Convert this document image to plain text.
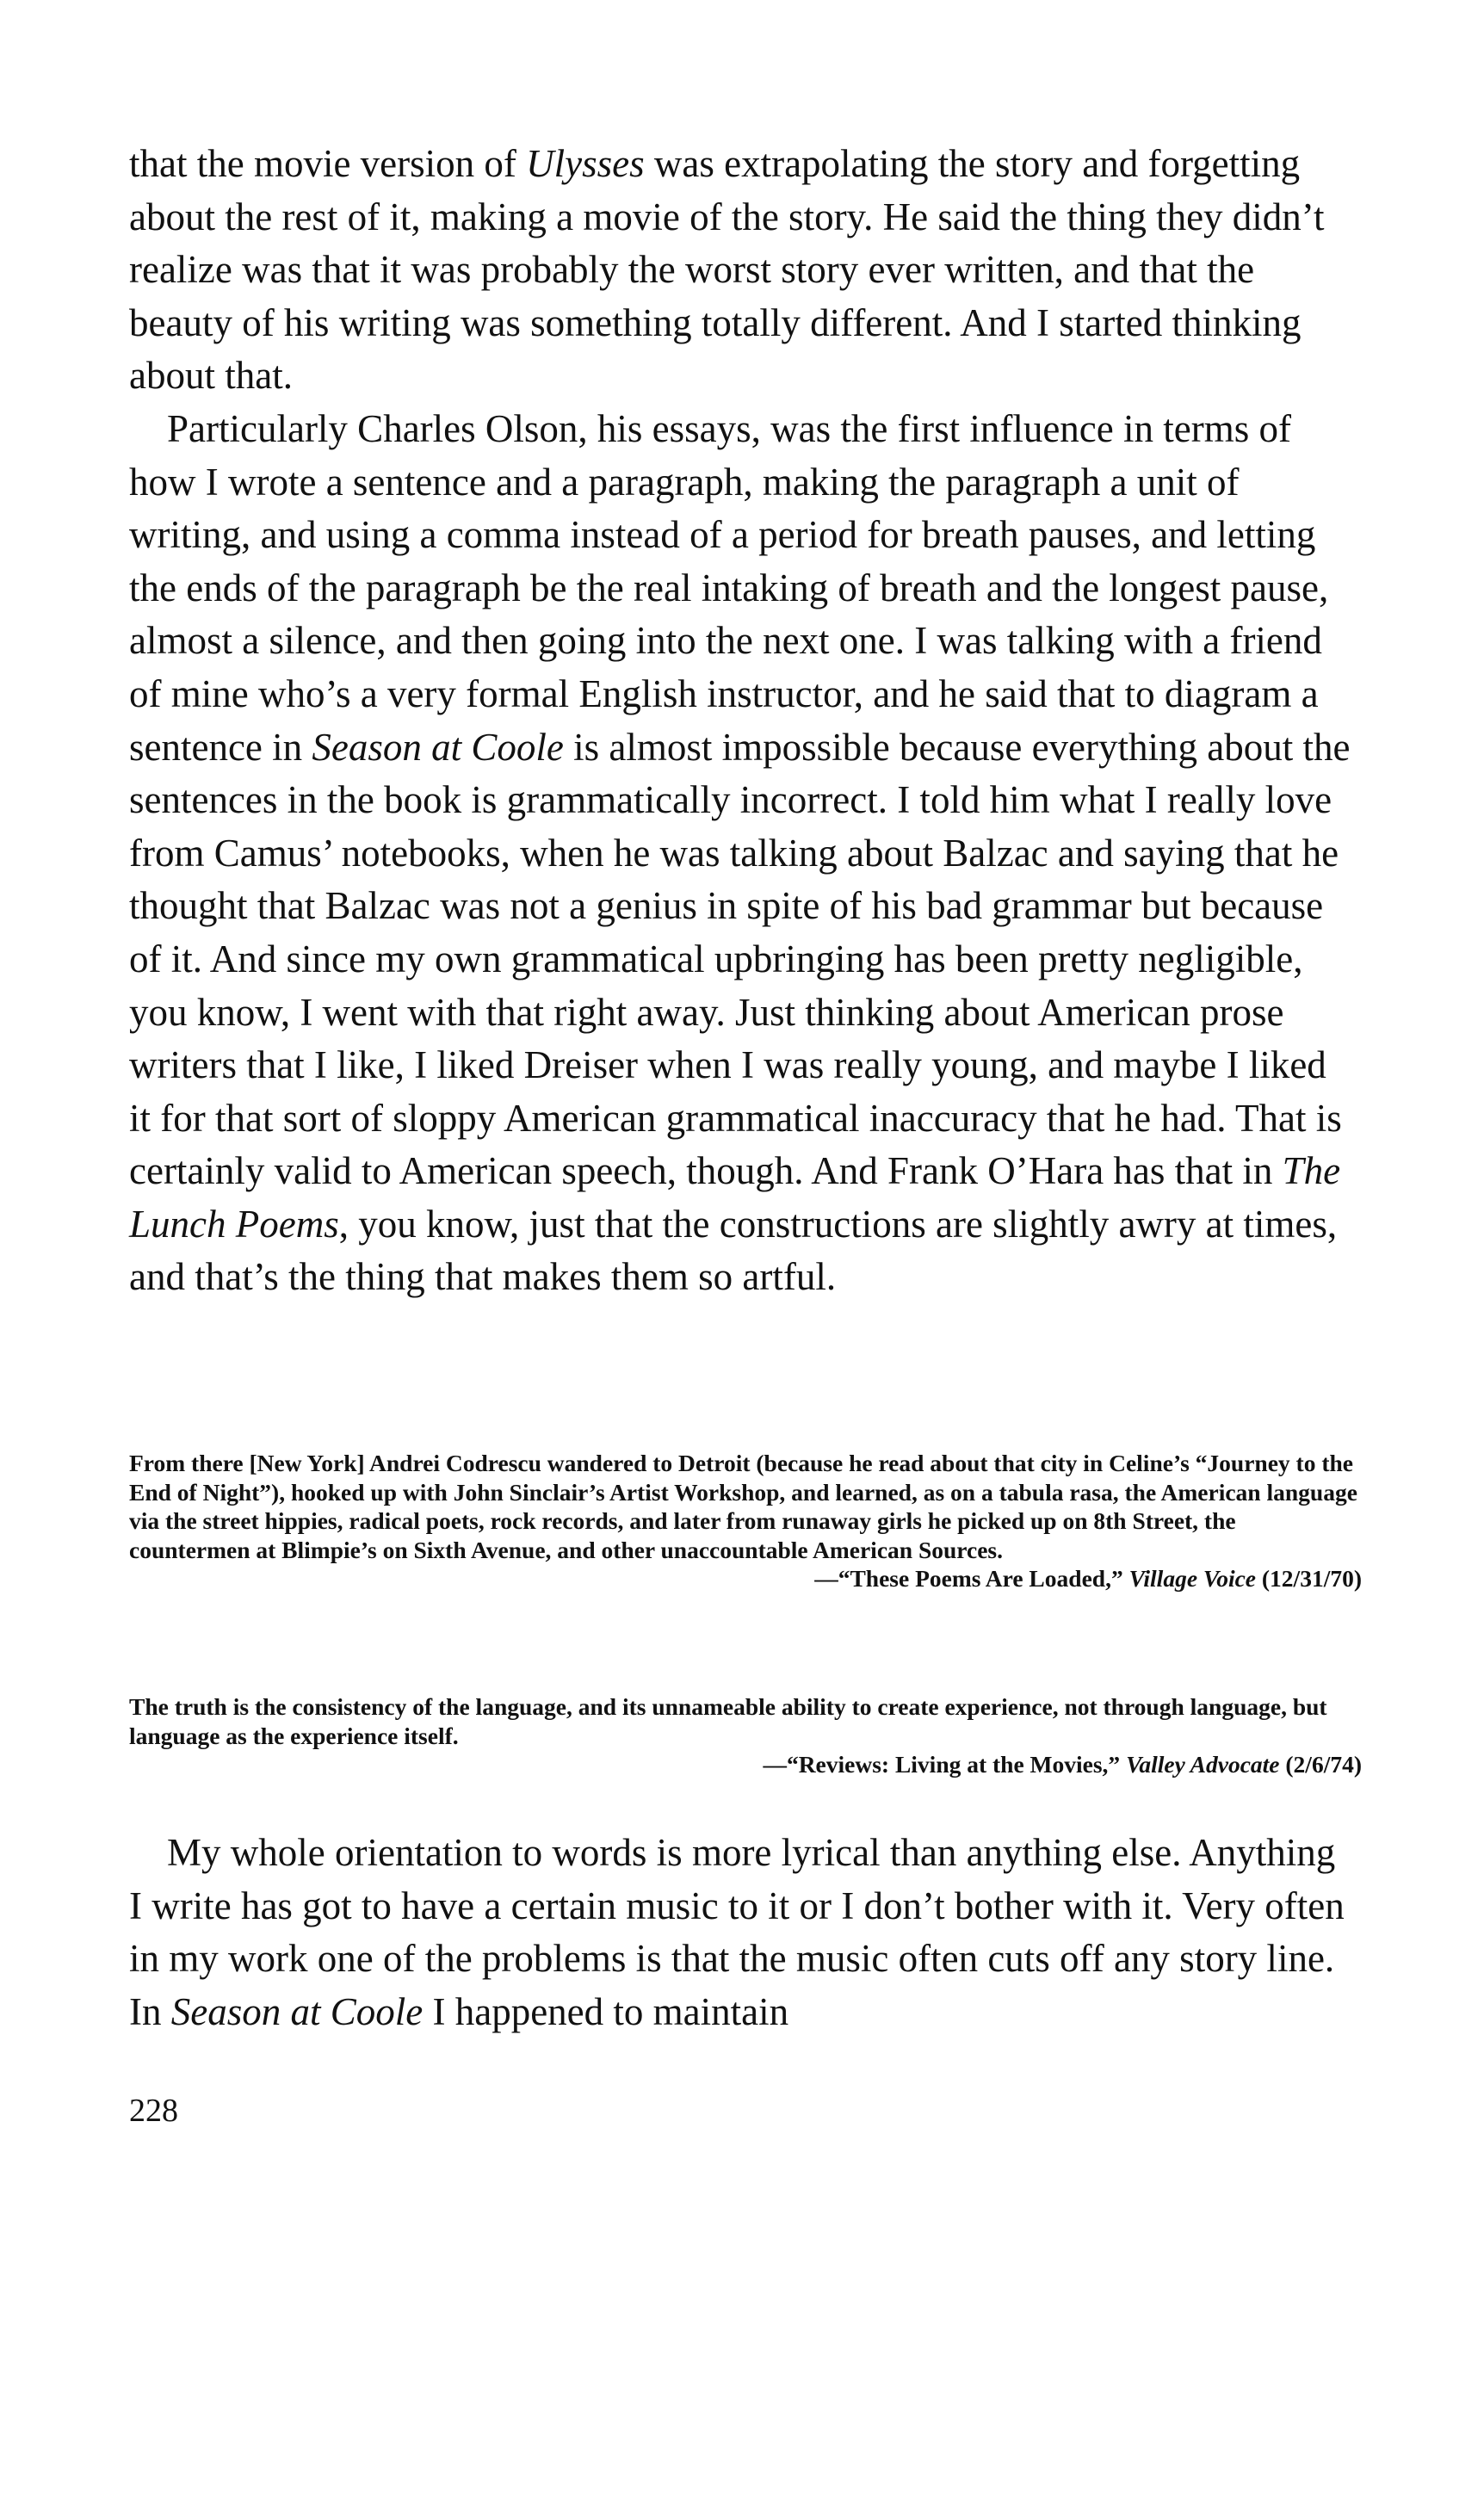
that the movie version of Ulysses was extrapolating the story and forgetting about the rest of it, making a movie of the story. He said the thing they didn’t realize was that it was probably the worst story ever written, and that the beauty of his writing was something totally different. And I started thinking about that.

Particularly Charles Olson, his essays, was the first influence in terms of how I wrote a sentence and a paragraph, making the paragraph a unit of writing, and using a comma instead of a period for breath pauses, and letting the ends of the paragraph be the real intaking of breath and the longest pause, almost a silence, and then going into the next one. I was talking with a friend of mine who’s a very formal English instructor, and he said that to diagram a sentence in Season at Coole is almost impossible because everything about the sentences in the book is grammatically incorrect. I told him what I really love from Camus’ notebooks, when he was talking about Balzac and saying that he thought that Balzac was not a genius in spite of his bad grammar but because of it. And since my own grammatical upbringing has been pretty negligible, you know, I went with that right away. Just thinking about American prose writers that I like, I liked Dreiser when I was really young, and maybe I liked it for that sort of sloppy American grammatical inaccuracy that he had. That is certainly valid to American speech, though. And Frank O’Hara has that in The Lunch Poems, you know, just that the constructions are slightly awry at times, and that’s the thing that makes them so artful.

From there [New York] Andrei Codrescu wandered to Detroit (because he read about that city in Celine’s “Journey to the End of Night”), hooked up with John Sinclair’s Artist Workshop, and learned, as on a tabula rasa, the American language via the street hippies, radical poets, rock records, and later from runaway girls he picked up on 8th Street, the countermen at Blimpie’s on Sixth Avenue, and other unaccountable American Sources.

—“These Poems Are Loaded,” Village Voice (12/31/70)

The truth is the consistency of the language, and its unnameable ability to create experience, not through language, but language as the experience itself.

—“Reviews: Living at the Movies,” Valley Advocate (2/6/74)

My whole orientation to words is more lyrical than anything else. Anything I write has got to have a certain music to it or I don’t bother with it. Very often in my work one of the problems is that the music often cuts off any story line. In Season at Coole I happened to maintain

228
